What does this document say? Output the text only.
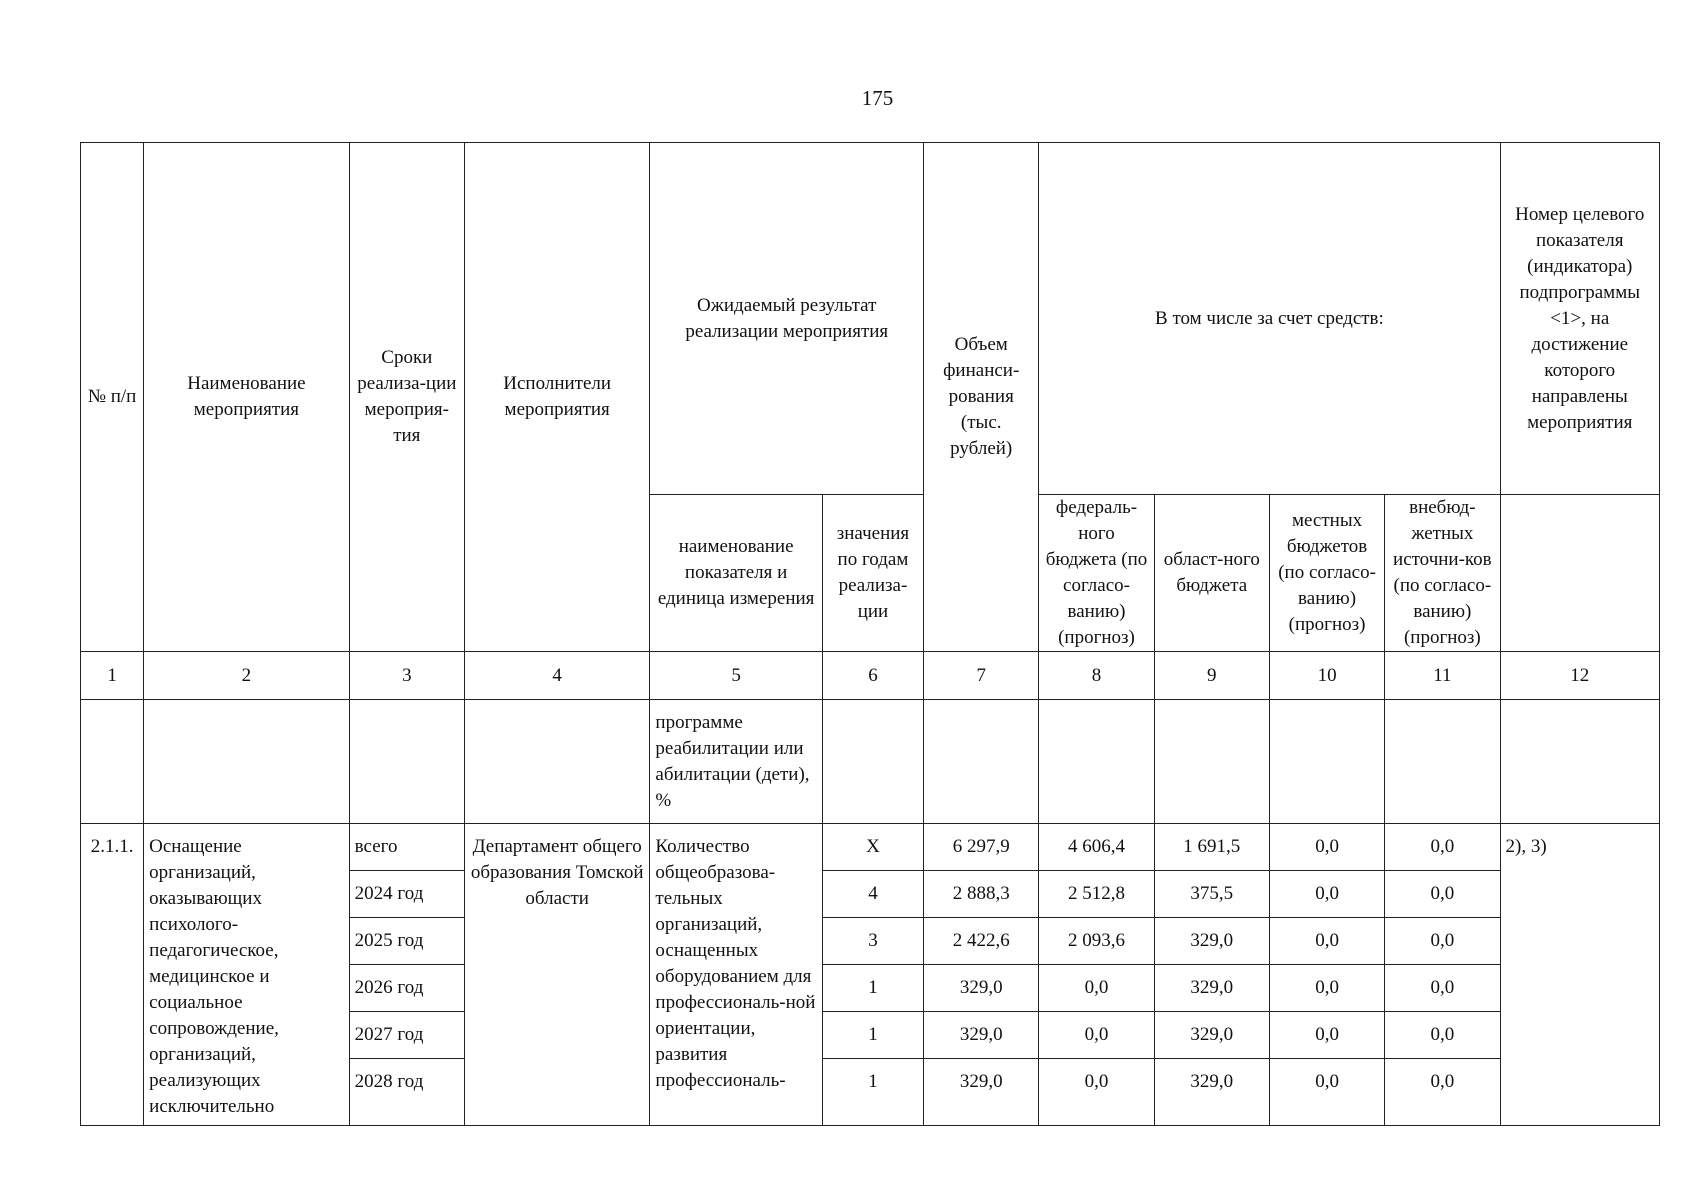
175
№ п/п	Наименование мероприятия	Сроки реализа-ции мероприя-тия	Исполнители мероприятия	Ожидаемый результат реализации мероприятия		Объем финанси-рования (тыс. рублей)	В том числе за счет средств:				Номер целевого показателя (индикатора) подпрограммы <1>, на достижение которого направлены мероприятия
				наименование показателя и единица измерения	значения по годам реализа-ции		федераль-ного бюджета (по согласо-ванию) (прогноз)	област-ного бюджета	местных бюджетов (по согласо-ванию) (прогноз)	внебюд-жетных источни-ков (по согласо-ванию) (прогноз)	
1	2	3	4	5	6	7	8	9	10	11	12
				программе реабилитации или абилитации (дети), %							
2.1.1.	Оснащение организаций, оказывающих психолого-педагогическое, медицинское и социальное сопровождение, организаций, реализующих исключительно	всего	Департамент общего образования Томской области	Количество общеобразова-тельных организаций, оснащенных оборудованием для профессиональ-ной ориентации, развития профессиональ-	X	6 297,9	4 606,4	1 691,5	0,0	0,0	2), 3)
		2024 год			4	2 888,3	2 512,8	375,5	0,0	0,0	
		2025 год			3	2 422,6	2 093,6	329,0	0,0	0,0	
		2026 год			1	329,0	0,0	329,0	0,0	0,0	
		2027 год			1	329,0	0,0	329,0	0,0	0,0	
		2028 год			1	329,0	0,0	329,0	0,0	0,0	
